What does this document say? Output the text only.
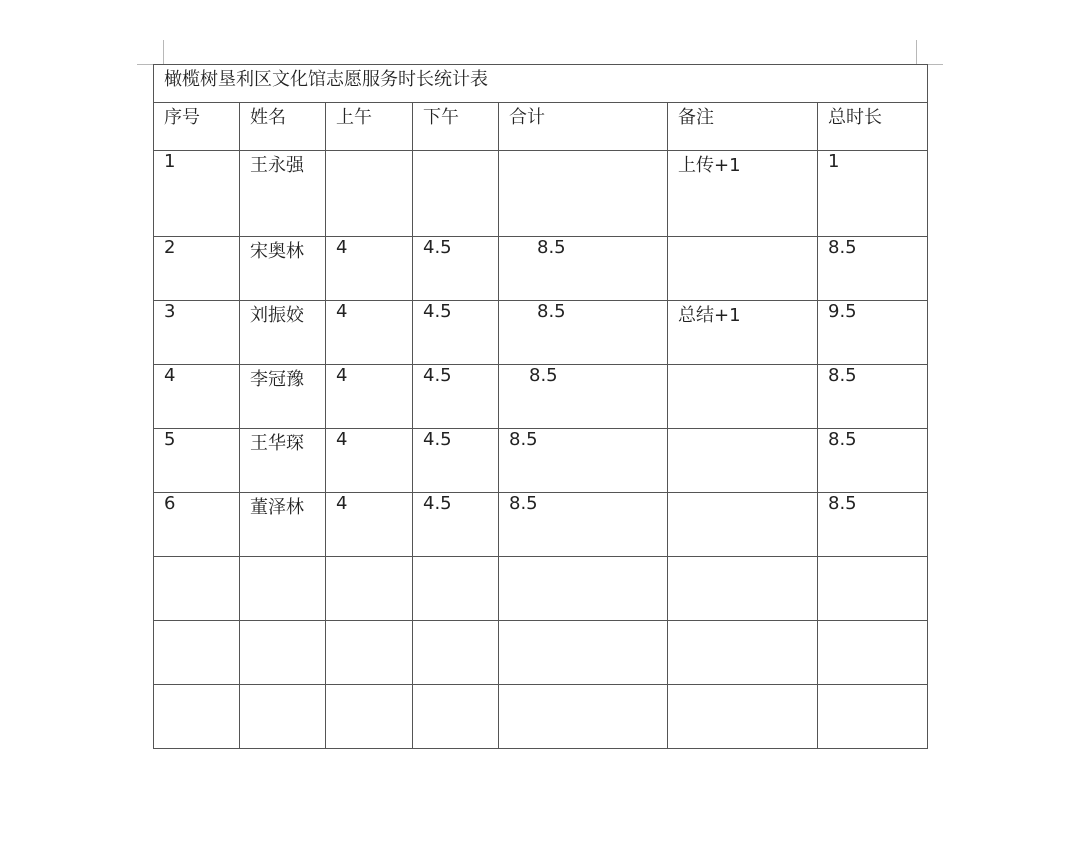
橄榄树垦利区文化馆志愿服务时长统计表						
序号	姓名	上午	下午	合计	备注	总时长
1	王永强				上传+1	1
2	宋奥林	4	4.5	8.5		8.5
3	刘振姣	4	4.5	8.5	总结+1	9.5
4	李冠豫	4	4.5	8.5		8.5
5	王华琛	4	4.5	8.5		8.5
6	董泽林	4	4.5	8.5		8.5
